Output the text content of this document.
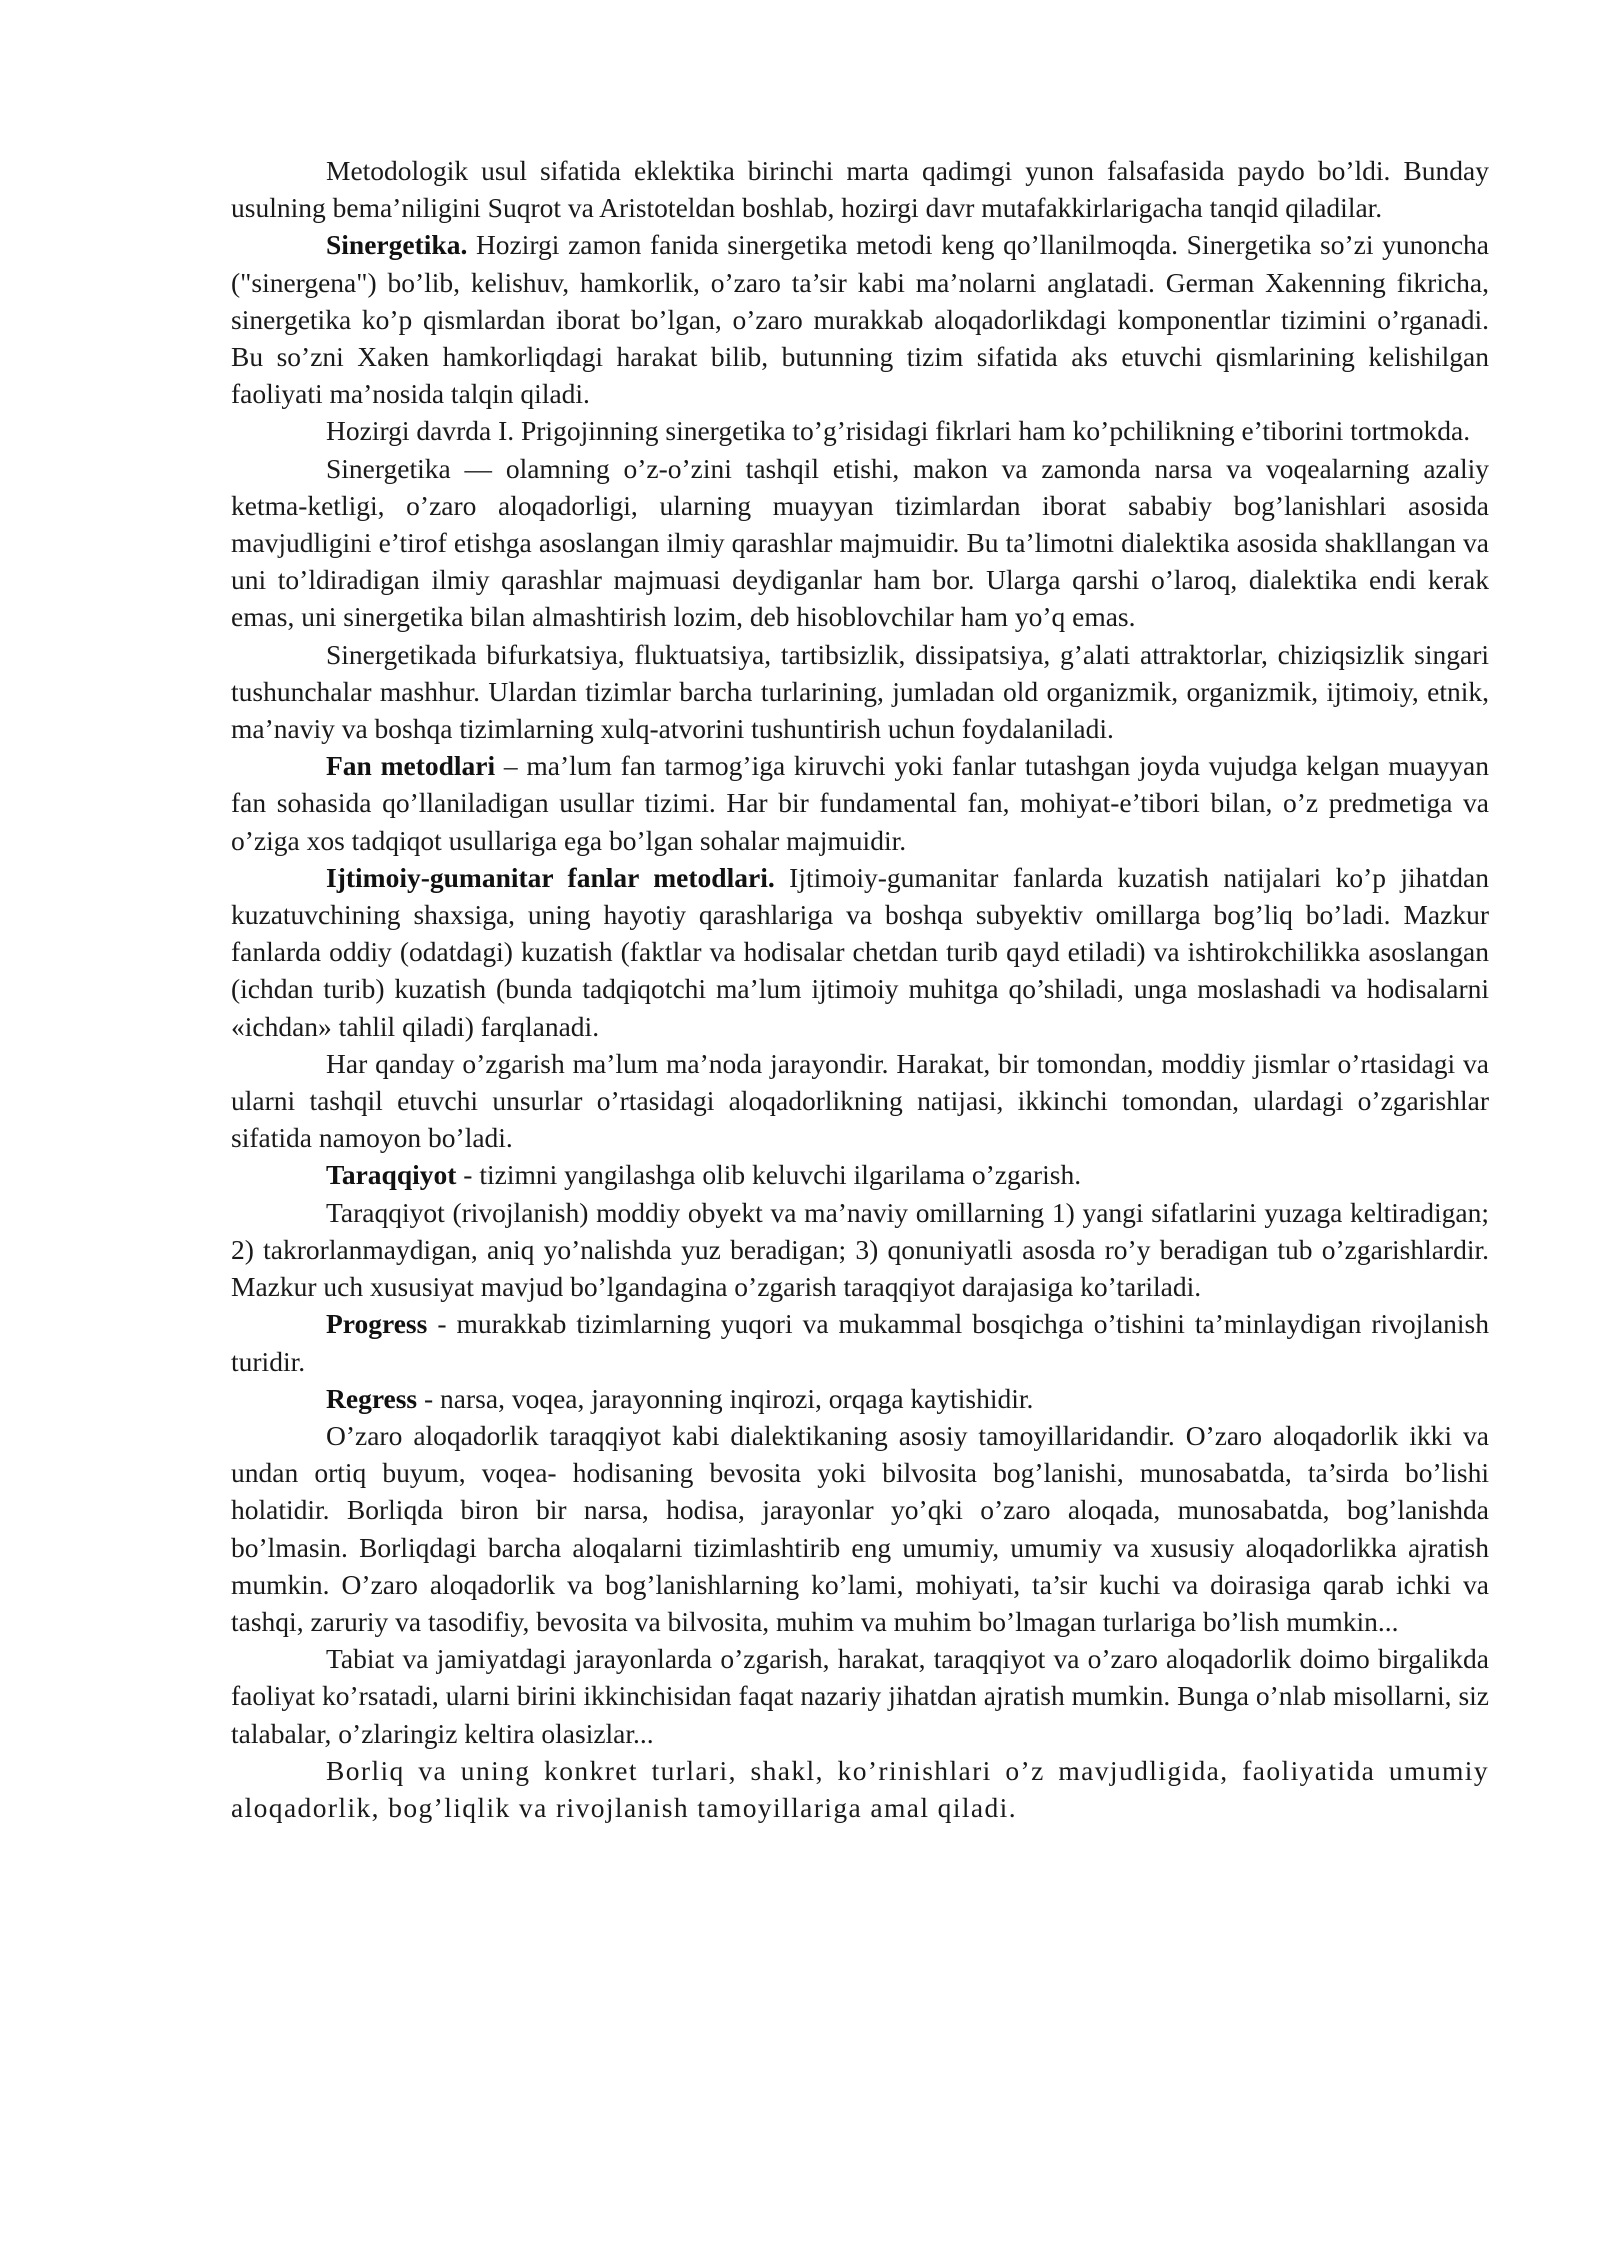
Metodologik usul sifatida eklektika birinchi marta qadimgi yunon falsafasida paydo bo’ldi. Bunday usulning bema’niligini Suqrot va Aristoteldan boshlab, hozirgi davr mutafakkirlarigacha tanqid qiladilar.

Sinergetika. Hozirgi zamon fanida sinergetika metodi keng qo’llanilmoqda. Sinergetika so’zi yunoncha ("sinergena") bo’lib, kelishuv, hamkorlik, o’zaro ta’sir kabi ma’nolarni anglatadi. German Xakenning fikricha, sinergetika ko’p qismlardan iborat bo’lgan, o’zaro murakkab aloqadorlikdagi komponentlar tizimini o’rganadi. Bu so’zni Xaken hamkorliqdagi harakat bilib, butunning tizim sifatida aks etuvchi qismlarining kelishilgan faoliyati ma’nosida talqin qiladi.

Hozirgi davrda I. Prigojinning sinergetika to’g’risidagi fikrlari ham ko’pchilikning e’tiborini tortmokda.

Sinergetika — olamning o’z-o’zini tashqil etishi, makon va zamonda narsa va voqealarning azaliy ketma-ketligi, o’zaro aloqadorligi, ularning muayyan tizimlardan iborat sababiy bog’lanishlari asosida mavjudligini e’tirof etishga asoslangan ilmiy qarashlar majmuidir. Bu ta’limotni dialektika asosida shakllangan va uni to’ldiradigan ilmiy qarashlar majmuasi deydiganlar ham bor. Ularga qarshi o’laroq, dialektika endi kerak emas, uni sinergetika bilan almashtirish lozim, deb hisoblovchilar ham yo’q emas.

Sinergetikada bifurkatsiya, fluktuatsiya, tartibsizlik, dissipatsiya, g’alati attraktorlar, chiziqsizlik singari tushunchalar mashhur. Ulardan tizimlar barcha turlarining, jumladan old organizmik, organizmik, ijtimoiy, etnik, ma’naviy va boshqa tizimlarning xulq-atvorini tushuntirish uchun foydalaniladi.

Fan metodlari – ma’lum fan tarmog’iga kiruvchi yoki fanlar tutashgan joyda vujudga kelgan muayyan fan sohasida qo’llaniladigan usullar tizimi. Har bir fundamental fan, mohiyat-e’tibori bilan, o’z predmetiga va o’ziga xos tadqiqot usullariga ega bo’lgan sohalar majmuidir.

Ijtimoiy-gumanitar fanlar metodlari. Ijtimoiy-gumanitar fanlarda kuzatish natijalari ko’p jihatdan kuzatuvchining shaxsiga, uning hayotiy qarashlariga va boshqa subyektiv omillarga bog’liq bo’ladi. Mazkur fanlarda oddiy (odatdagi) kuzatish (faktlar va hodisalar chetdan turib qayd etiladi) va ishtirokchilikka asoslangan (ichdan turib) kuzatish (bunda tadqiqotchi ma’lum ijtimoiy muhitga qo’shiladi, unga moslashadi va hodisalarni «ichdan» tahlil qiladi) farqlanadi.

Har qanday o’zgarish ma’lum ma’noda jarayondir. Harakat, bir tomondan, moddiy jismlar o’rtasidagi va ularni tashqil etuvchi unsurlar o’rtasidagi aloqadorlikning natijasi, ikkinchi tomondan, ulardagi o’zgarishlar sifatida namoyon bo’ladi.

Taraqqiyot - tizimni yangilashga olib keluvchi ilgarilama o’zgarish.

Taraqqiyot (rivojlanish) moddiy obyekt va ma’naviy omillarning 1) yangi sifatlarini yuzaga keltiradigan; 2) takrorlanmaydigan, aniq yo’nalishda yuz beradigan; 3) qonuniyatli asosda ro’y beradigan tub o’zgarishlardir. Mazkur uch xususiyat mavjud bo’lgandagina o’zgarish taraqqiyot darajasiga ko’tariladi.

Progress - murakkab tizimlarning yuqori va mukammal bosqichga o’tishini ta’minlaydigan rivojlanish turidir.

Regress - narsa, voqea, jarayonning inqirozi, orqaga kaytishidir.

O’zaro aloqadorlik taraqqiyot kabi dialektikaning asosiy tamoyillaridandir. O’zaro aloqadorlik ikki va undan ortiq buyum, voqea- hodisaning bevosita yoki bilvosita bog’lanishi, munosabatda, ta’sirda bo’lishi holatidir. Borliqda biron bir narsa, hodisa, jarayonlar yo’qki o’zaro aloqada, munosabatda, bog’lanishda bo’lmasin. Borliqdagi barcha aloqalarni tizimlashtirib eng umumiy, umumiy va xususiy aloqadorlikka ajratish mumkin. O’zaro aloqadorlik va bog’lanishlarning ko’lami, mohiyati, ta’sir kuchi va doirasiga qarab ichki va tashqi, zaruriy va tasodifiy, bevosita va bilvosita, muhim va muhim bo’lmagan turlariga bo’lish mumkin...

Tabiat va jamiyatdagi jarayonlarda o’zgarish, harakat, taraqqiyot va o’zaro aloqadorlik doimo birgalikda faoliyat ko’rsatadi, ularni birini ikkinchisidan faqat nazariy jihatdan ajratish mumkin. Bunga o’nlab misollarni, siz talabalar, o’zlaringiz keltira olasizlar...

Borliq va uning konkret turlari, shakl, ko’rinishlari o’z mavjudligida, faoliyatida umumiy aloqadorlik, bog’liqlik va rivojlanish tamoyillariga amal qiladi.
